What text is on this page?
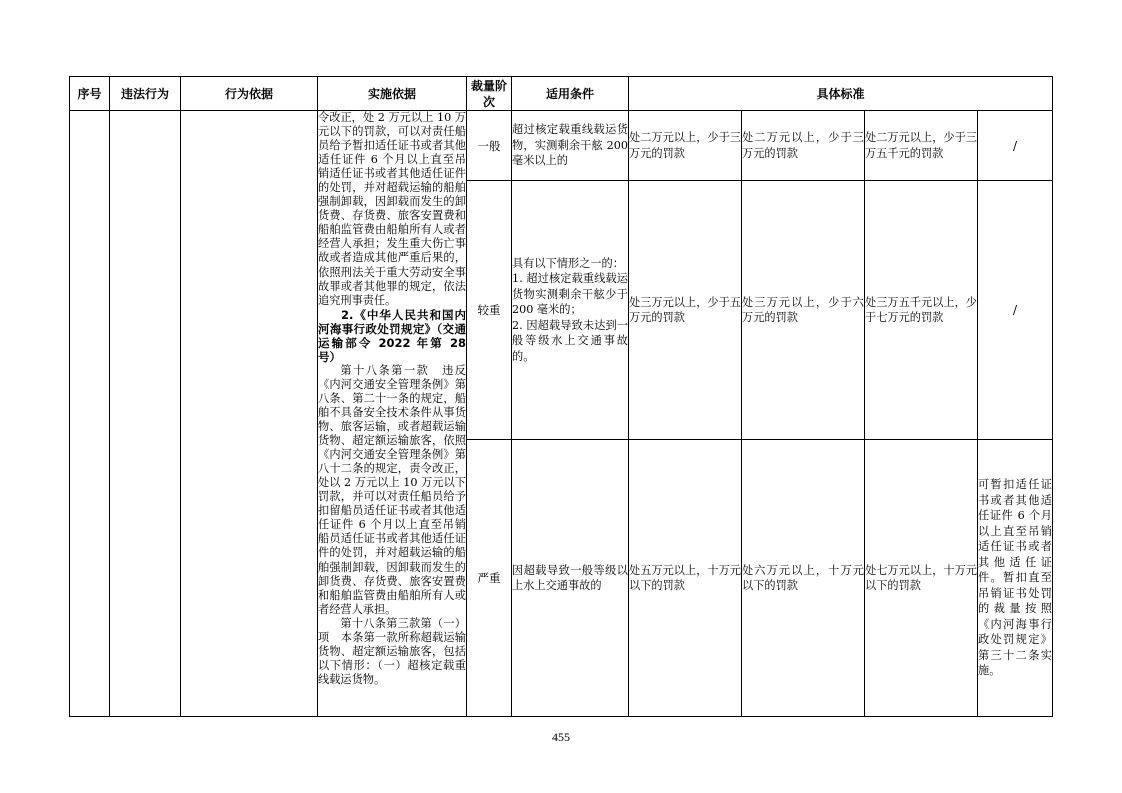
序号	违法行为	行为依据	实施依据	裁量阶次	适用条件	具体标准			

			令改正，处 2 万元以上 10 万元以下的罚款，可以对责任船员给予暂扣适任证书或者其他适任证件 6 个月以上直至吊销适任证书或者其他适任证件的处罚，并对超载运输的船舶强制卸载，因卸载而发生的卸货费、存货费、旅客安置费和船舶监管费由船舶所有人或者经营人承担；发生重大伤亡事故或者造成其他严重后果的，依照刑法关于重大劳动安全事故罪或者其他罪的规定，依法追究刑事责任。

2.《中华人民共和国内河海事行政处罚规定》（交通运输部令 2022 年第 28 号）

第十八条第一款　违反《内河交通安全管理条例》第八条、第二十一条的规定，船舶不具备安全技术条件从事货物、旅客运输，或者超载运输货物、超定额运输旅客，依照《内河交通安全管理条例》第八十二条的规定，责令改正，处以 2 万元以上 10 万元以下罚款，并可以对责任船员给予扣留船员适任证书或者其他适任证件 6 个月以上直至吊销船员适任证书或者其他适任证件的处罚，并对超载运输的船舶强制卸载，因卸载而发生的卸货费、存货费、旅客安置费和船舶监管费由船舶所有人或者经营人承担。

第十八条第三款第（一）项　本条第一款所称超载运输货物、超定额运输旅客，包括以下情形：（一）超核定载重线载运货物。	一般	超过核定载重线载运货物，实测剩余干舷 200 毫米以上的	处二万元以上，少于三万元的罚款	处二万元以上，少于三万元的罚款	处二万元以上，少于三万五千元的罚款	/
				较重	具有以下情形之一的：
1. 超过核定载重线载运货物实测剩余干舷少于 200 毫米的；
2. 因超载导致未达到一般等级水上交通事故的。	处三万元以上，少于五万元的罚款	处三万元以上，少于六万元的罚款	处三万五千元以上，少于七万元的罚款	/
				严重	因超载导致一般等级以上水上交通事故的	处五万元以上，十万元以下的罚款	处六万元以上，十万元以下的罚款	处七万元以上，十万元以下的罚款	可暂扣适任证书或者其他适任证件 6 个月以上直至吊销适任证书或者其他适任证件。暂扣直至吊销证书处罚的裁量按照《内河海事行政处罚规定》第三十二条实施。
455
